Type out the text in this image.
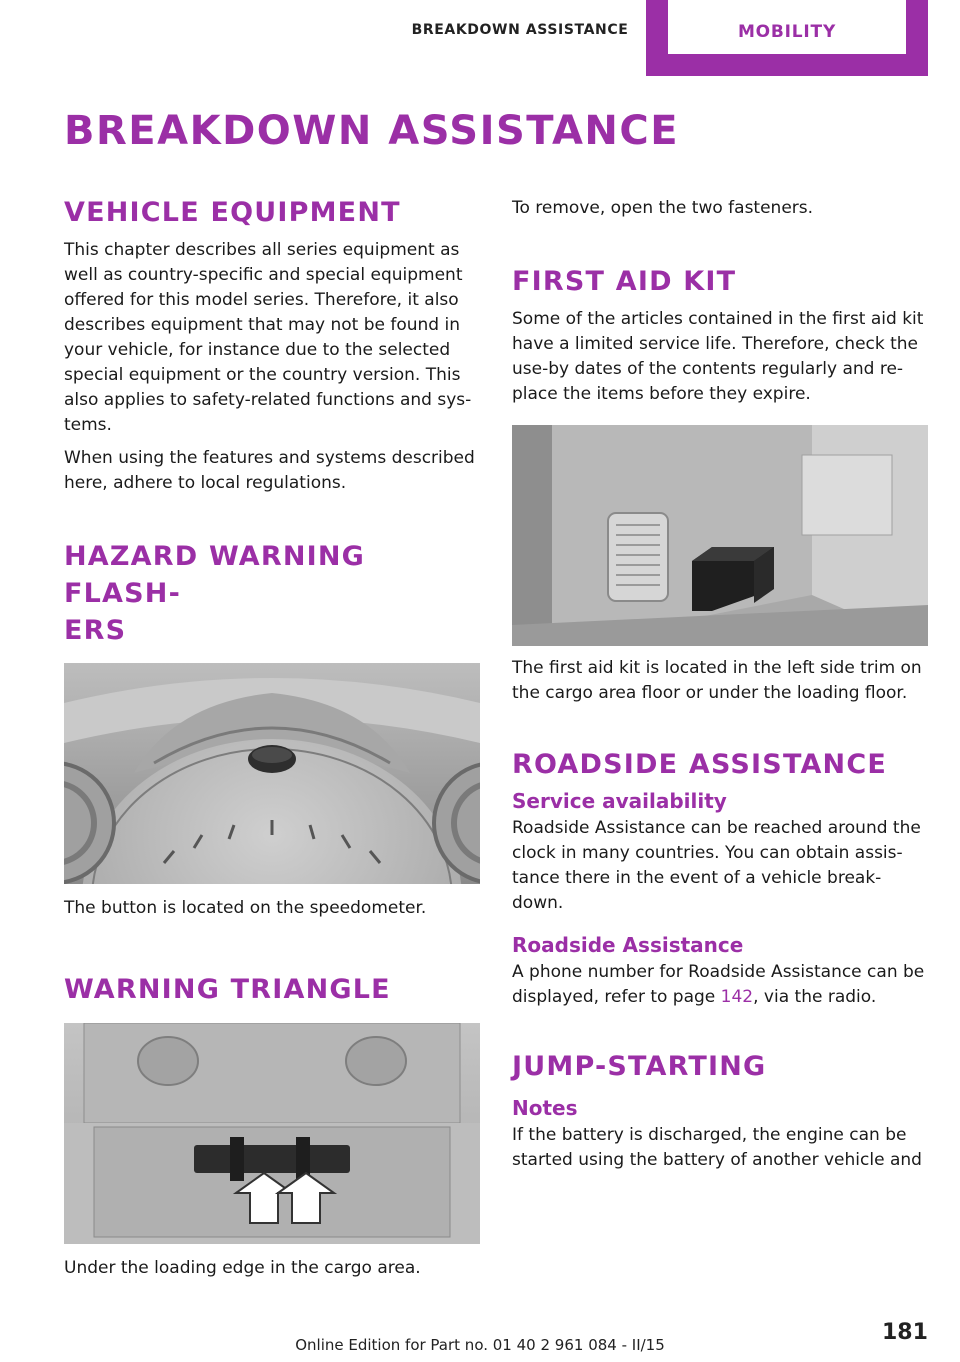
BREAKDOWN ASSISTANCE	MOBILITY
BREAKDOWN ASSISTANCE
VEHICLE EQUIPMENT

This chapter describes all series equipment as well as country-specific and special equipment offered for this model series. Therefore, it also describes equipment that may not be found in your vehicle, for instance due to the selected special equipment or the country version. This also applies to safety-related functions and sys‐ tems.

When using the features and systems described here, adhere to local regulations.

HAZARD WARNING FLASH‐
ERS

The button is located on the speedometer.

WARNING TRIANGLE

Under the loading edge in the cargo area.

To remove, open the two fasteners.

FIRST AID KIT

Some of the articles contained in the first aid kit have a limited service life. Therefore, check the use-by dates of the contents regularly and re‐ place the items before they expire.

The first aid kit is located in the left side trim on the cargo area floor or under the loading floor.

ROADSIDE ASSISTANCE
Service availability

Roadside Assistance can be reached around the clock in many countries. You can obtain assis‐ tance there in the event of a vehicle break‐ down.

Roadside Assistance

A phone number for Roadside Assistance can be displayed, refer to page 142, via the radio.

JUMP-STARTING
Notes

If the battery is discharged, the engine can be started using the battery of another vehicle and

181
Online Edition for Part no. 01 40 2 961 084 - II/15
